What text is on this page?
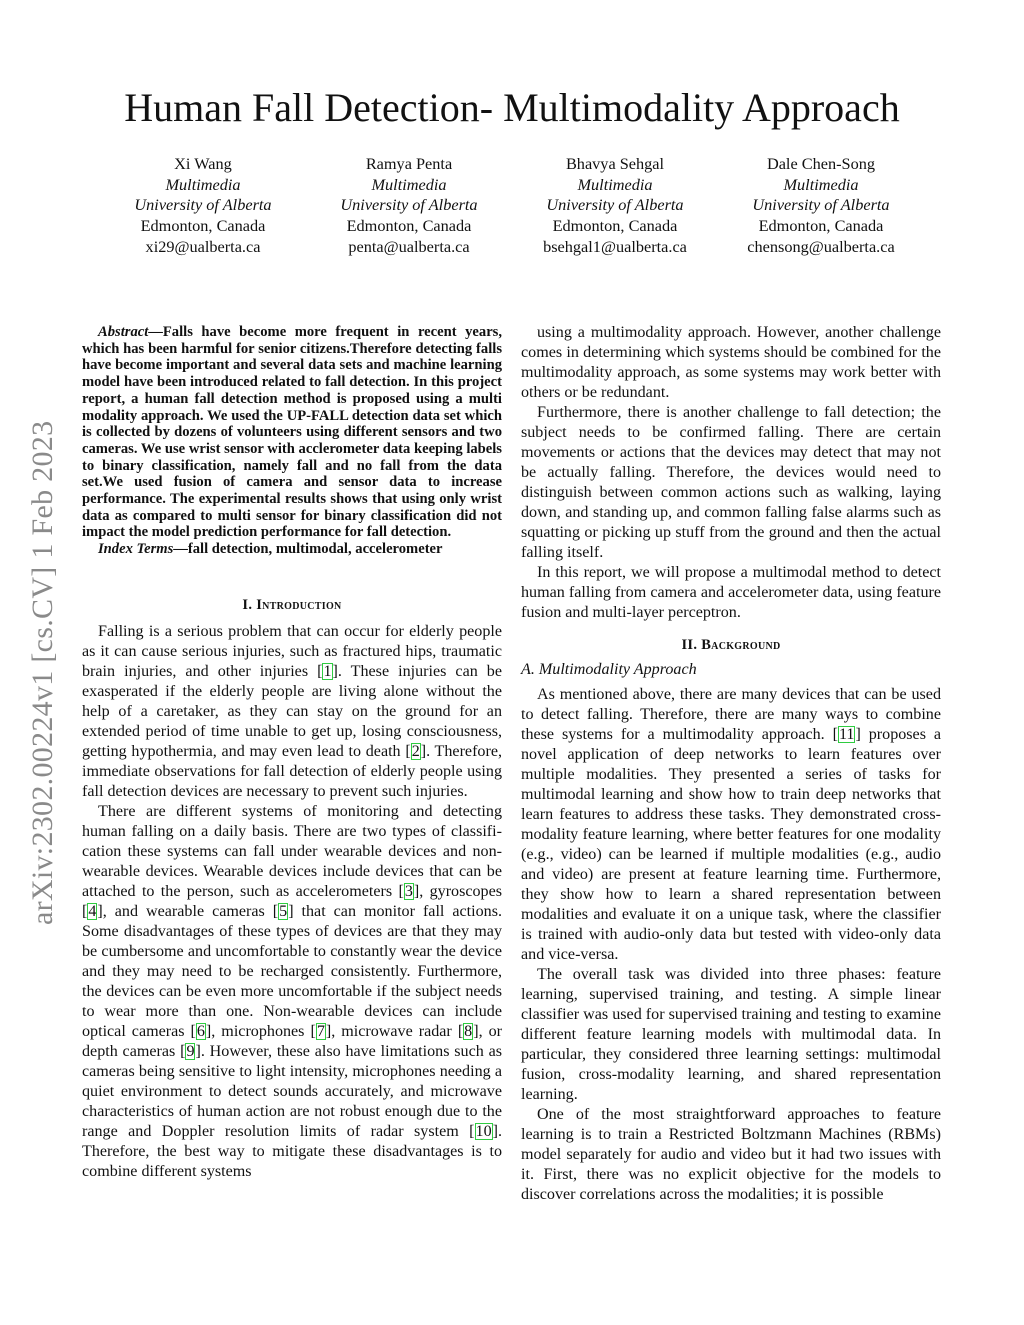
Human Fall Detection- Multimodality Approach
Xi Wang
Multimedia
University of Alberta
Edmonton, Canada
xi29@ualberta.ca
Ramya Penta
Multimedia
University of Alberta
Edmonton, Canada
penta@ualberta.ca
Bhavya Sehgal
Multimedia
University of Alberta
Edmonton, Canada
bsehgal1@ualberta.ca
Dale Chen-Song
Multimedia
University of Alberta
Edmonton, Canada
chensong@ualberta.ca
arXiv:2302.00224v1 [cs.CV] 1 Feb 2023

Abstract—Falls have become more frequent in recent years, which has been harmful for senior citizens.Therefore detecting falls have become important and several data sets and machine learning model have been introduced related to fall detection. In this project report, a human fall detection method is proposed using a multi modality approach. We used the UP-FALL detection data set which is collected by dozens of volunteers using different sensors and two cameras. We use wrist sensor with acclerometer data keeping labels to binary classification, namely fall and no fall from the data set.We used fusion of camera and sensor data to increase performance. The experimental results shows that using only wrist data as compared to multi sensor for binary classification did not impact the model prediction performance for fall detection.

Index Terms—fall detection, multimodal, accelerometer

I. Introduction

Falling is a serious problem that can occur for elderly people as it can cause serious injuries, such as fractured hips, traumatic brain injuries, and other injuries [1]. These injuries can be exasperated if the elderly people are living alone without the help of a caretaker, as they can stay on the ground for an extended period of time unable to get up, losing consciousness, getting hypothermia, and may even lead to death [2]. Therefore, immediate observations for fall detection of elderly people using fall detection devices are necessary to prevent such injuries.

There are different systems of monitoring and detecting human falling on a daily basis. There are two types of classification these systems can fall under wearable devices and non-wearable devices. Wearable devices include devices that can be attached to the person, such as accelerometers [3], gyroscopes [4], and wearable cameras [5] that can monitor fall actions. Some disadvantages of these types of devices are that they may be cumbersome and uncomfortable to constantly wear the device and they may need to be recharged consistently. Furthermore, the devices can be even more uncomfortable if the subject needs to wear more than one. Non-wearable devices can include optical cameras [6], microphones [7], microwave radar [8], or depth cameras [9]. However, these also have limitations such as cameras being sensitive to light intensity, microphones needing a quiet environment to detect sounds accurately, and microwave characteristics of human action are not robust enough due to the range and Doppler resolution limits of radar system [10]. Therefore, the best way to mitigate these disadvantages is to combine different systems

using a multimodality approach. However, another challenge comes in determining which systems should be combined for the multimodality approach, as some systems may work better with others or be redundant.

Furthermore, there is another challenge to fall detection; the subject needs to be confirmed falling. There are certain movements or actions that the devices may detect that may not be actually falling. Therefore, the devices would need to distinguish between common actions such as walking, laying down, and standing up, and common falling false alarms such as squatting or picking up stuff from the ground and then the actual falling itself.

In this report, we will propose a multimodal method to detect human falling from camera and accelerometer data, using feature fusion and multi-layer perceptron.

II. Background
A. Multimodality Approach

As mentioned above, there are many devices that can be used to detect falling. Therefore, there are many ways to combine these systems for a multimodality approach. [11] proposes a novel application of deep networks to learn features over multiple modalities. They presented a series of tasks for multimodal learning and show how to train deep networks that learn features to address these tasks. They demonstrated cross-modality feature learning, where better features for one modality (e.g., video) can be learned if multiple modalities (e.g., audio and video) are present at feature learning time. Furthermore, they show how to learn a shared representation between modalities and evaluate it on a unique task, where the classifier is trained with audio-only data but tested with video-only data and vice-versa.

The overall task was divided into three phases: feature learning, supervised training, and testing. A simple linear classifier was used for supervised training and testing to examine different feature learning models with multimodal data. In particular, they considered three learning settings: multimodal fusion, cross-modality learning, and shared representation learning.

One of the most straightforward approaches to feature learning is to train a Restricted Boltzmann Machines (RBMs) model separately for audio and video but it had two issues with it. First, there was no explicit objective for the models to discover correlations across the modalities; it is possible
